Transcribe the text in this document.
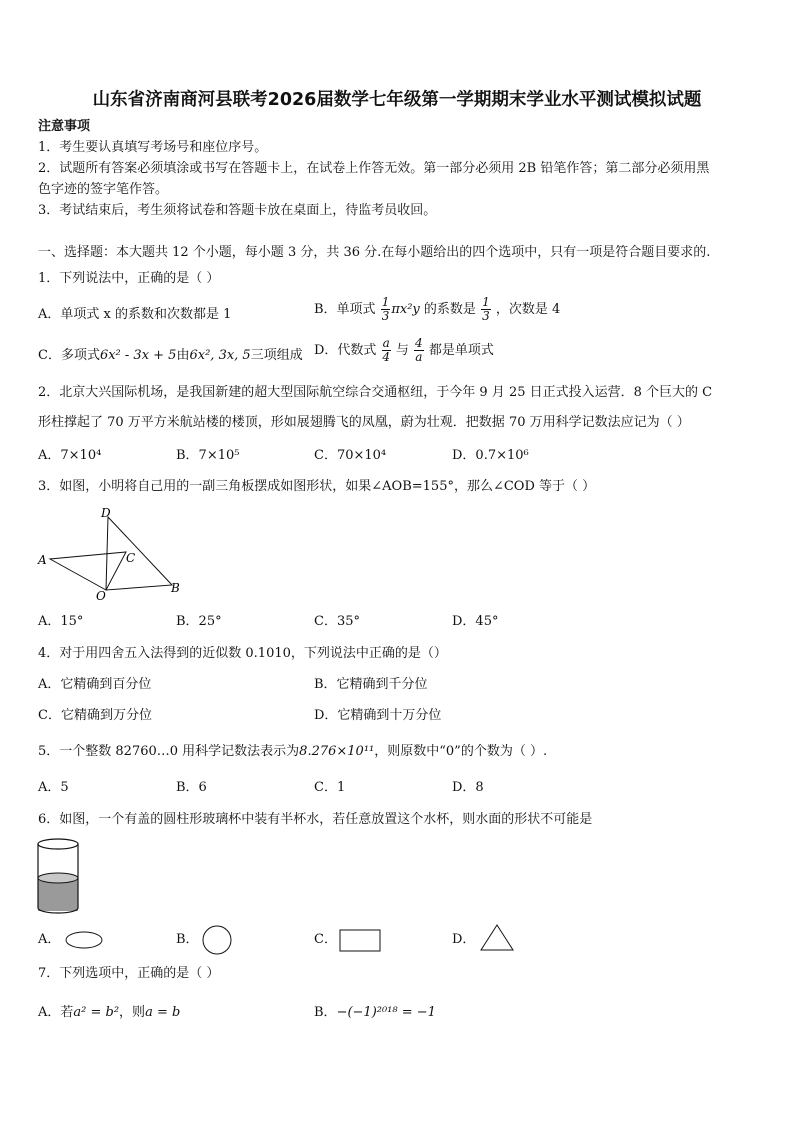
山东省济南商河县联考2026届数学七年级第一学期期末学业水平测试模拟试题
注意事项
1．考生要认真填写考场号和座位序号。
2．试题所有答案必须填涂或书写在答题卡上，在试卷上作答无效。第一部分必须用 2B 铅笔作答；第二部分必须用黑
色字迹的签字笔作答。
3．考试结束后，考生须将试卷和答题卡放在桌面上，待监考员收回。
一、选择题：本大题共 12 个小题，每小题 3 分，共 36 分.在每小题给出的四个选项中，只有一项是符合题目要求的.
1．下列说法中，正确的是（ ）
A．单项式 x 的系数和次数都是 1	B．单项式 $\frac{1}{3} \pi x^2y$ 的系数是 $\frac{1}{3}$ ，次数是 4
C．多项式6x² - 3x + 5由6x², 3x, 5三项组成 D．代数式 $\frac{a}{4}$ 与 $\frac{4}{a}$ 都是单项式
2．北京大兴国际机场，是我国新建的超大型国际航空综合交通枢纽，于今年 9 月 25 日正式投入运营．8 个巨大的 C
形柱撑起了 70 万平方米航站楼的楼顶，形如展翅腾飞的凤凰，蔚为壮观．把数据 70 万用科学记数法应记为（ ）
A．7×10⁴	B．7×10⁵	C．70×10⁴	D．0.7×10⁶
3．如图，小明将自己用的一副三角板摆成如图形状，如果∠AOB=155°，那么∠COD 等于（ ）
A
D
C
B
O
A．15°	B．25°	C．35°	D．45°
4．对于用四舍五入法得到的近似数 0.1010，下列说法中正确的是（）
A．它精确到百分位	B．它精确到千分位
C．它精确到万分位	D．它精确到十万分位
5．一个整数 82760…0 用科学记数法表示为8.276×10¹¹，则原数中“0”的个数为（ ）.
A．5	B．6	C．1	D．8
6．如图，一个有盖的圆柱形玻璃杯中装有半杯水，若任意放置这个水杯，则水面的形状不可能是
A．	B．	C．	D．
7．下列选项中，正确的是（ ）
A．若a² = b²，则a = b	B．−(−1)²⁰¹⁸ = −1
